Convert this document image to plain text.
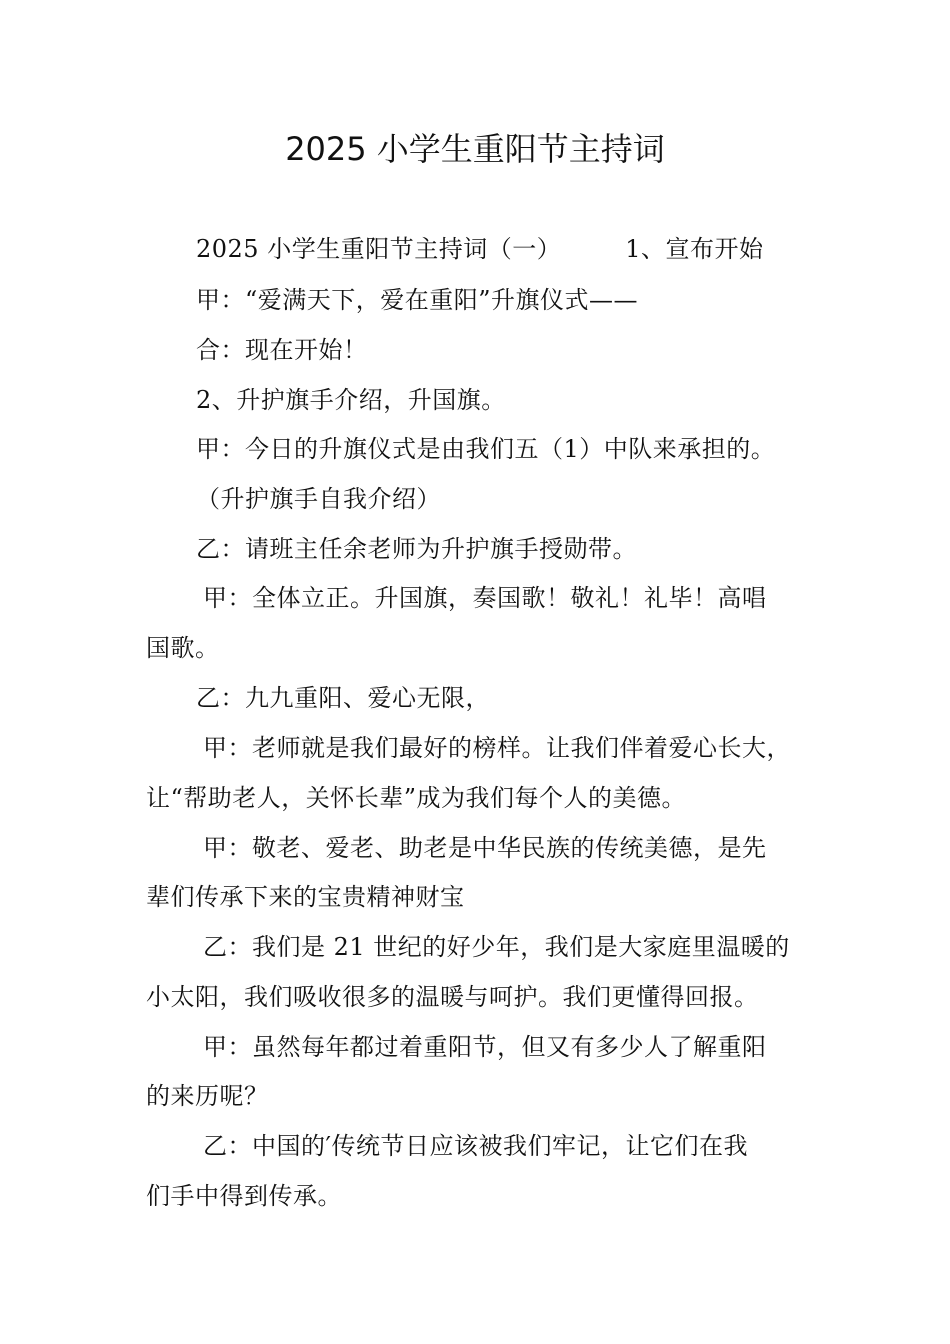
2025 小学生重阳节主持词
2025 小学生重阳节主持词（一）	1、宣布开始
甲：“爱满天下，爱在重阳”升旗仪式——
合：现在开始！
2、升护旗手介绍，升国旗。
甲：今日的升旗仪式是由我们五（1）中队来承担的。
（升护旗手自我介绍）
乙：请班主任余老师为升护旗手授勋带。
甲：全体立正。升国旗，奏国歌！敬礼！礼毕！高唱
国歌。
乙：九九重阳、爱心无限，
甲：老师就是我们最好的榜样。让我们伴着爱心长大，
让“帮助老人，关怀长辈”成为我们每个人的美德。
甲：敬老、爱老、助老是中华民族的传统美德，是先
辈们传承下来的宝贵精神财宝
乙：我们是 21 世纪的好少年，我们是大家庭里温暖的
小太阳，我们吸收很多的温暖与呵护。我们更懂得回报。
甲：虽然每年都过着重阳节，但又有多少人了解重阳
的来历呢？
乙：中国的′传统节日应该被我们牢记，让它们在我
们手中得到传承。
